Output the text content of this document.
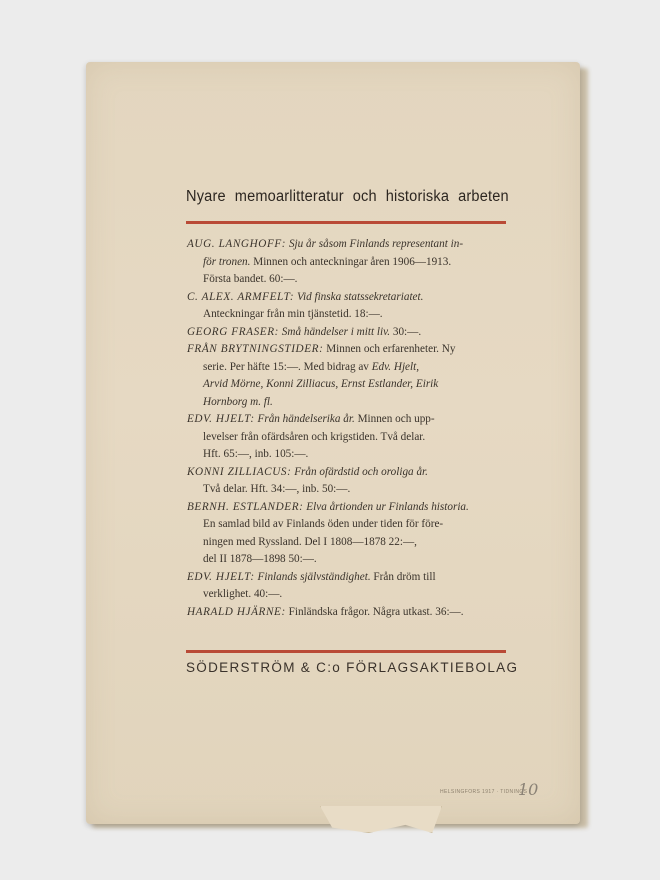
Nyare memoarlitteratur och historiska arbeten

AUG. LANGHOFF: Sju år såsom Finlands representant in-
för tronen. Minnen och anteckningar åren 1906—1913.
Första bandet. 60:—.

C. ALEX. ARMFELT: Vid finska statssekretariatet.
Anteckningar från min tjänstetid. 18:—.

GEORG FRASER: Små händelser i mitt liv. 30:—.

FRÅN BRYTNINGSTIDER: Minnen och erfarenheter. Ny
serie. Per häfte 15:—. Med bidrag av Edv. Hjelt,
Arvid Mörne, Konni Zilliacus, Ernst Estlander, Eirik
Hornborg m. fl.

EDV. HJELT: Från händelserika år. Minnen och upp-
levelser från ofärdsåren och krigstiden. Två delar.
Hft. 65:—, inb. 105:—.

KONNI ZILLIACUS: Från ofärdstid och oroliga år.
Två delar. Hft. 34:—, inb. 50:—.

BERNH. ESTLANDER: Elva årtionden ur Finlands historia.
En samlad bild av Finlands öden under tiden för före-
ningen med Ryssland. Del I 1808—1878 22:—,
del II 1878—1898 50:—.

EDV. HJELT: Finlands självständighet. Från dröm till
verklighet. 40:—.

HARALD HJÄRNE: Finländska frågor. Några utkast. 36:—.

SÖDERSTRÖM & C:o FÖRLAGSAKTIEBOLAG
HELSINGFORS 1917 · TIDNINGS
10
